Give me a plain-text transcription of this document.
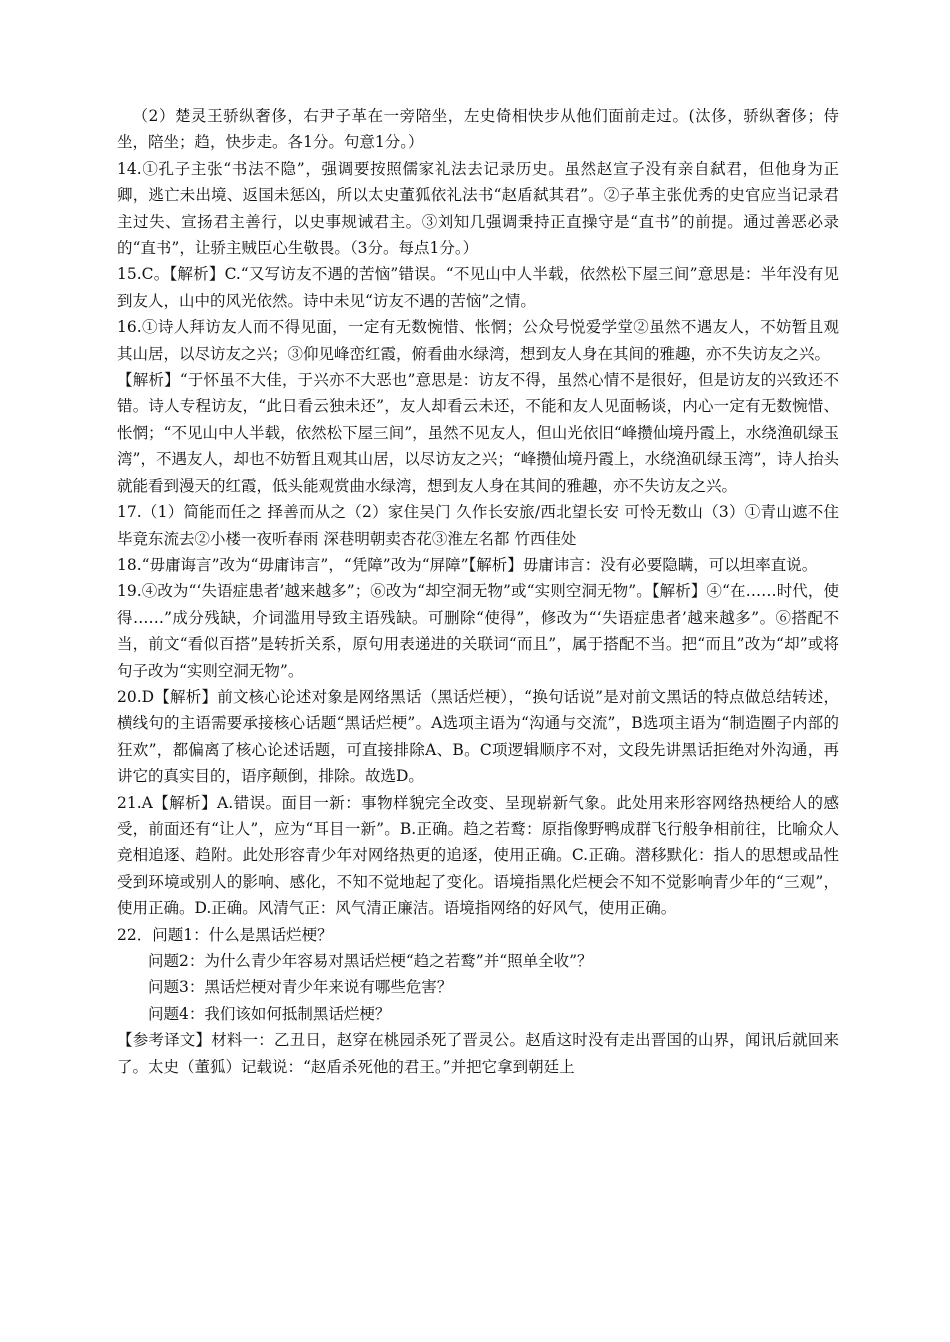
（2）楚灵王骄纵奢侈，右尹子革在一旁陪坐，左史倚相快步从他们面前走过。(汰侈，骄纵奢侈；侍坐，陪坐；趋，快步走。各1分。句意1分。）

14.①孔子主张“书法不隐”，强调要按照儒家礼法去记录历史。虽然赵宣子没有亲自弑君，但他身为正卿，逃亡未出境、返国未惩凶，所以太史董狐依礼法书“赵盾弑其君”。②子革主张优秀的史官应当记录君主过失、宣扬君主善行，以史事规诫君主。③刘知几强调秉持正直操守是“直书”的前提。通过善恶必录的“直书”，让骄主贼臣心生敬畏。（3分。每点1分。）

15.C。【解析】C.“又写访友不遇的苦恼”错误。“不见山中人半载，依然松下屋三间”意思是：半年没有见到友人，山中的风光依然。诗中未见“访友不遇的苦恼”之情。

16.①诗人拜访友人而不得见面，一定有无数惋惜、怅惘；公众号悦爱学堂②虽然不遇友人，不妨暂且观其山居，以尽访友之兴；③仰见峰峦红霞，俯看曲水绿湾，想到友人身在其间的雅趣，亦不失访友之兴。

【解析】“于怀虽不大佳，于兴亦不大恶也”意思是：访友不得，虽然心情不是很好，但是访友的兴致还不错。诗人专程访友，“此日看云独未还”，友人却看云未还，不能和友人见面畅谈，内心一定有无数惋惜、怅惘；“不见山中人半载，依然松下屋三间”，虽然不见友人，但山光依旧“峰攒仙境丹霞上，水绕渔矶绿玉湾”，不遇友人，却也不妨暂且观其山居，以尽访友之兴；“峰攒仙境丹霞上，水绕渔矶绿玉湾”，诗人抬头就能看到漫天的红霞，低头能观赏曲水绿湾，想到友人身在其间的雅趣，亦不失访友之兴。

17.（1）简能而任之 择善而从之（2）家住吴门 久作长安旅/西北望长安 可怜无数山（3）①青山遮不住 毕竟东流去②小楼一夜听春雨 深巷明朝卖杏花③淮左名都 竹西佳处

18.“毋庸诲言”改为“毋庸讳言”，“凭障”改为“屏障”【解析】毋庸讳言：没有必要隐瞒，可以坦率直说。

19.④改为“‘失语症患者’越来越多”；⑥改为“却空洞无物”或“实则空洞无物”。【解析】④“在……时代，使得……”成分残缺，介词滥用导致主语残缺。可删除“使得”，修改为“‘失语症患者’越来越多”。⑥搭配不当，前文“看似百搭”是转折关系，原句用表递进的关联词“而且”，属于搭配不当。把“而且”改为“却”或将句子改为“实则空洞无物”。

20.D【解析】前文核心论述对象是网络黑话（黑话烂梗），“换句话说”是对前文黑话的特点做总结转述，横线句的主语需要承接核心话题“黑话烂梗”。A选项主语为“沟通与交流”，B选项主语为“制造圈子内部的狂欢”，都偏离了核心论述话题，可直接排除A、B。C项逻辑顺序不对，文段先讲黑话拒绝对外沟通，再讲它的真实目的，语序颠倒，排除。故选D。

21.A【解析】A.错误。面目一新：事物样貌完全改变、呈现崭新气象。此处用来形容网络热梗给人的感受，前面还有“让人”，应为“耳目一新”。B.正确。趋之若鹜：原指像野鸭成群飞行般争相前往，比喻众人竞相追逐、趋附。此处形容青少年对网络热更的追逐，使用正确。C.正确。潜移默化：指人的思想或品性受到环境或别人的影响、感化，不知不觉地起了变化。语境指黑化烂梗会不知不觉影响青少年的“三观”，使用正确。D.正确。风清气正：风气清正廉洁。语境指网络的好风气，使用正确。

22．问题1：什么是黑话烂梗？

问题2：为什么青少年容易对黑话烂梗“趋之若鹜”并“照单全收”？

问题3：黑话烂梗对青少年来说有哪些危害？

问题4：我们该如何抵制黑话烂梗？

【参考译文】材料一：乙丑日，赵穿在桃园杀死了晋灵公。赵盾这时没有走出晋国的山界，闻讯后就回来了。太史（董狐）记载说：“赵盾杀死他的君王。”并把它拿到朝廷上
